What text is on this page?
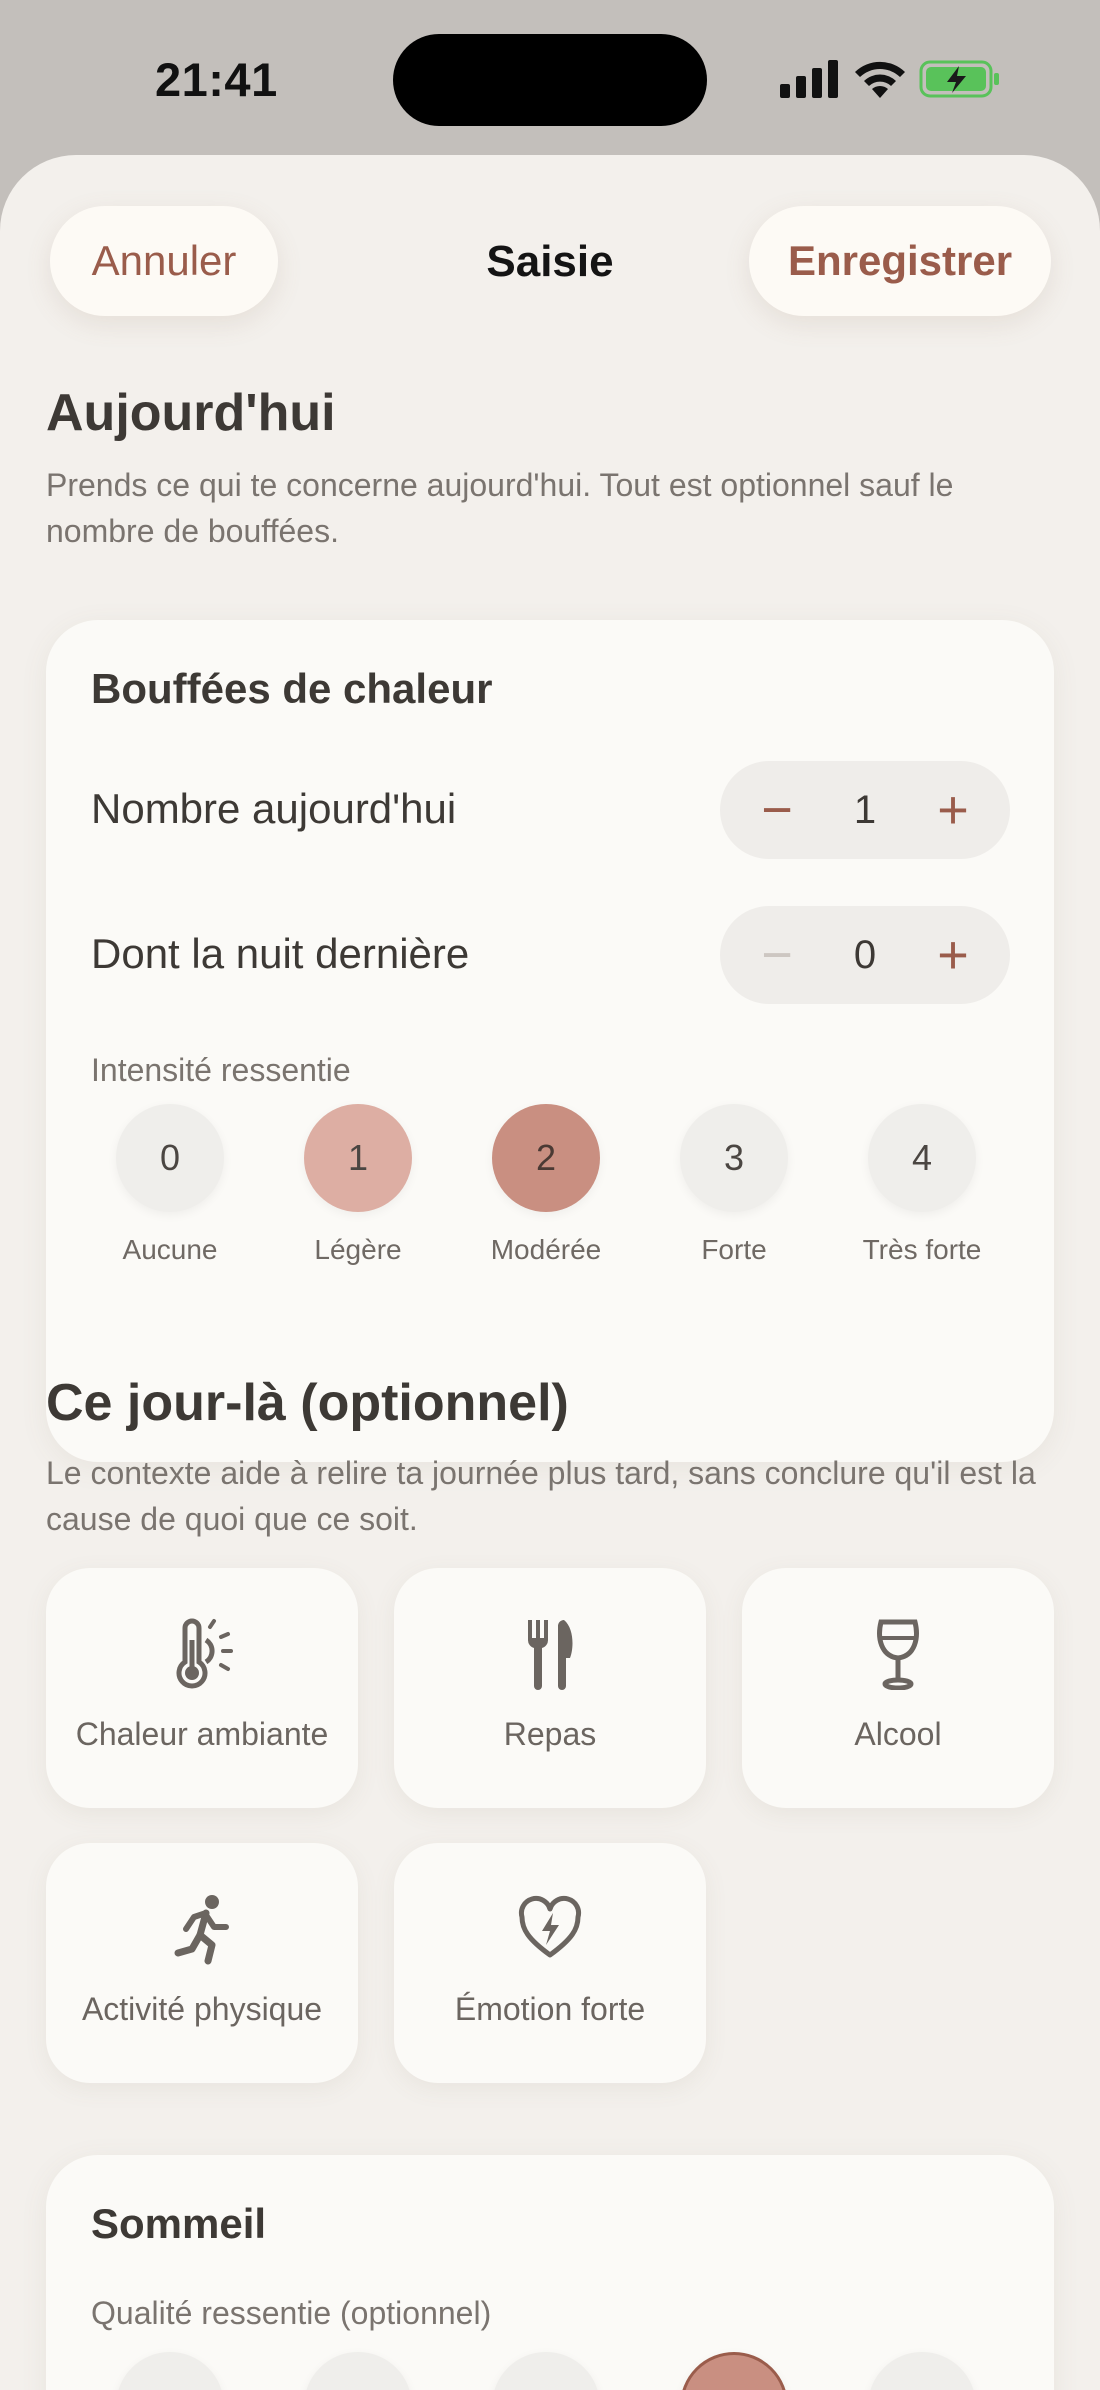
21:41
Annuler	Saisie	Enregistrer
Aujourd'hui
Prends ce qui te concerne aujourd'hui. Tout est optionnel sauf le nombre de bouffées.
Bouffées de chaleur
Nombre aujourd'hui	−	1	+
Dont la nuit dernière	−	0	+
Intensité ressentie
0
Aucune
1
Légère
2
Modérée
3
Forte
4
Très forte
Ce jour-là (optionnel)
Le contexte aide à relire ta journée plus tard, sans conclure qu'il est la cause de quoi que ce soit.
Chaleur ambiante	Repas	Alcool
Activité physique	Émotion forte
Sommeil
Qualité ressentie (optionnel)
